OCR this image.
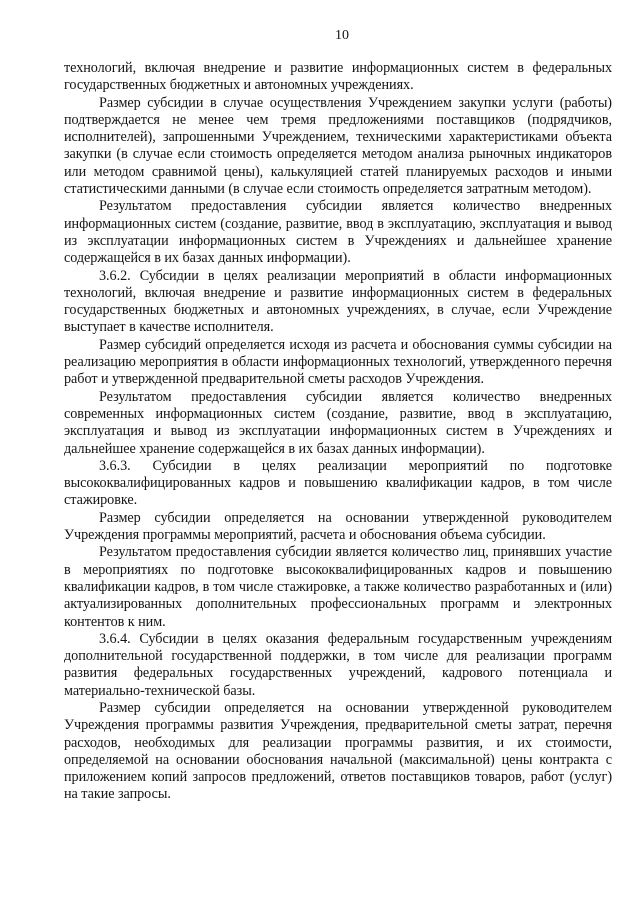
10

технологий, включая внедрение и развитие информационных систем в федеральных государственных бюджетных и автономных учреждениях.

Размер субсидии в случае осуществления Учреждением закупки услуги (работы) подтверждается не менее чем тремя предложениями поставщиков (подрядчиков, исполнителей), запрошенными Учреждением, техническими характеристиками объекта закупки (в случае если стоимость определяется методом анализа рыночных индикаторов или методом сравнимой цены), калькуляцией статей планируемых расходов и иными статистическими данными (в случае если стоимость определяется затратным методом).

Результатом предоставления субсидии является количество внедренных информационных систем (создание, развитие, ввод в эксплуатацию, эксплуатация и вывод из эксплуатации информационных систем в Учреждениях и дальнейшее хранение содержащейся в их базах данных информации).

3.6.2. Субсидии в целях реализации мероприятий в области информационных технологий, включая внедрение и развитие информационных систем в федеральных государственных бюджетных и автономных учреждениях, в случае, если Учреждение выступает в качестве исполнителя.

Размер субсидий определяется исходя из расчета и обоснования суммы субсидии на реализацию мероприятия в области информационных технологий, утвержденного перечня работ и утвержденной предварительной сметы расходов Учреждения.

Результатом предоставления субсидии является количество внедренных современных информационных систем (создание, развитие, ввод в эксплуатацию, эксплуатация и вывод из эксплуатации информационных систем в Учреждениях и дальнейшее хранение содержащейся в их базах данных информации).

3.6.3. Субсидии в целях реализации мероприятий по подготовке высококвалифицированных кадров и повышению квалификации кадров, в том числе стажировке.

Размер субсидии определяется на основании утвержденной руководителем Учреждения программы мероприятий, расчета и обоснования объема субсидии.

Результатом предоставления субсидии является количество лиц, принявших участие в мероприятиях по подготовке высококвалифицированных кадров и повышению квалификации кадров, в том числе стажировке, а также количество разработанных и (или) актуализированных дополнительных профессиональных программ и электронных контентов к ним.

3.6.4. Субсидии в целях оказания федеральным государственным учреждениям дополнительной государственной поддержки, в том числе для реализации программ развития федеральных государственных учреждений, кадрового потенциала и материально-технической базы.

Размер субсидии определяется на основании утвержденной руководителем Учреждения программы развития Учреждения, предварительной сметы затрат, перечня расходов, необходимых для реализации программы развития, и их стоимости, определяемой на основании обоснования начальной (максимальной) цены контракта с приложением копий запросов предложений, ответов поставщиков товаров, работ (услуг) на такие запросы.
